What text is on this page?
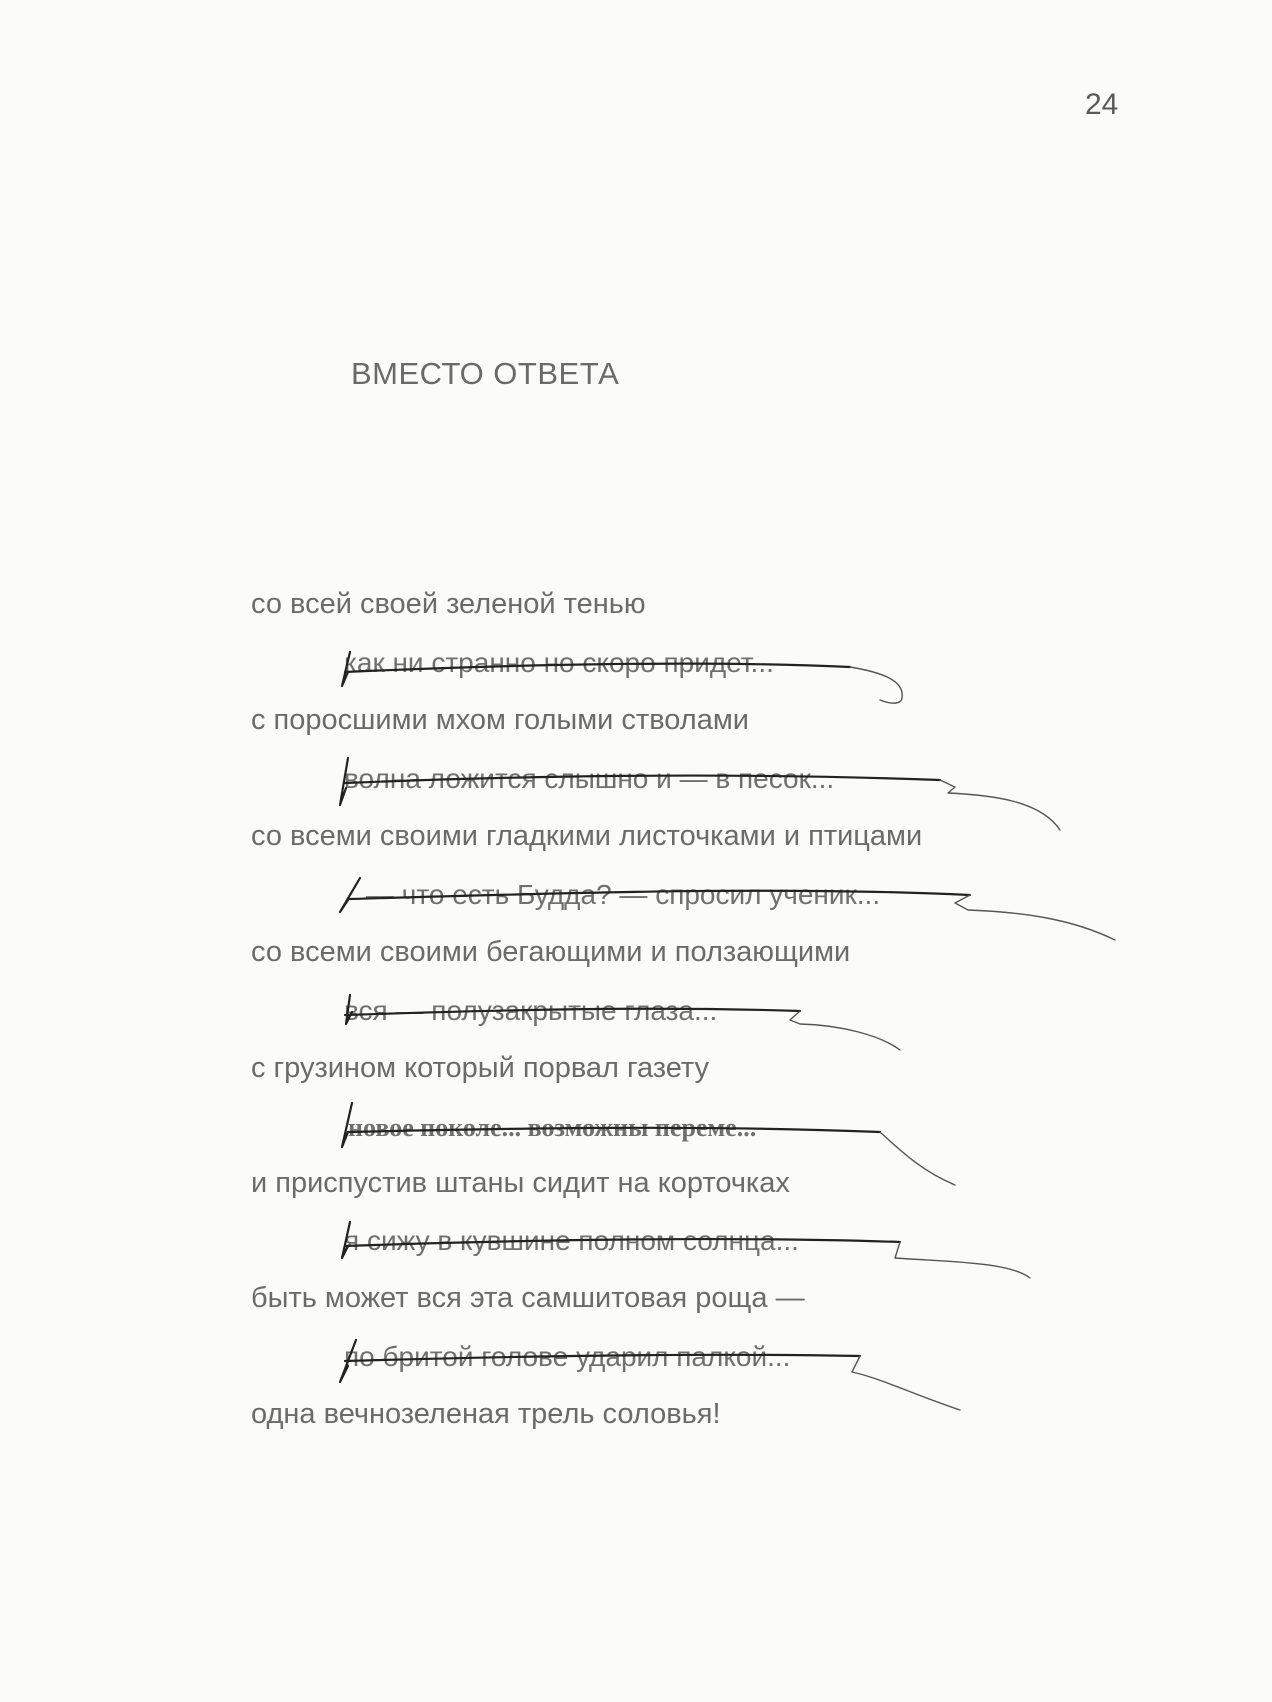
24
ВМЕСТО ОТВЕТА
со всей своей зеленой тенью
как ни странно но скоро придет...
с поросшими мхом голыми стволами
волна ложится слышно и — в песок...
со всеми своими гладкими листочками и птицами
— что есть Будда? — спросил ученик...
со всеми своими бегающими и ползающими
вся — полузакрытые глаза...
с грузином который порвал газету
новое поколе... возможны переме...
и приспустив штаны сидит на корточках
я сижу в кувшине полном солнца...
быть может вся эта самшитовая роща —
по бритой голове ударил палкой...
одна вечнозеленая трель соловья!
